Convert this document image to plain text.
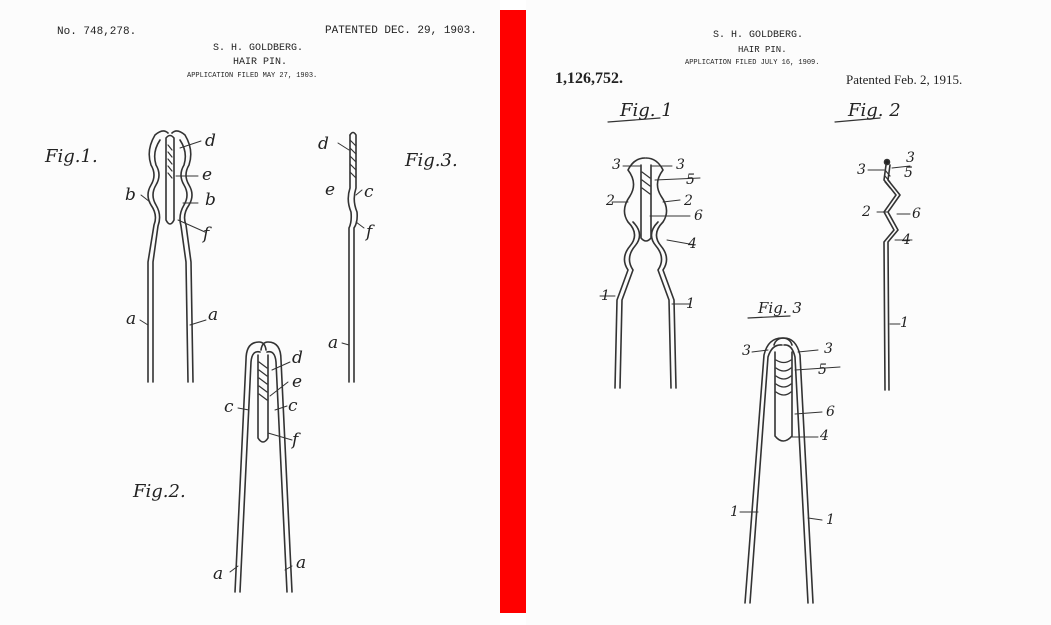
No. 748,278.	PATENTED DEC. 29, 1903.
S. H. GOLDBERG.
HAIR PIN.
APPLICATION FILED MAY 27, 1903.
S. H. GOLDBERG.
HAIR PIN.
APPLICATION FILED JULY 16, 1909.
1,126,752.	Patented Feb. 2, 1915.
Fig.1.	Fig.3.
Fig.2.
d
e
b
b
f
a	a
d
e c
f
a
d
e
c	c
f
a
a
Fig. 1	Fig. 2
Fig. 3
3	3
5
2	2
6
4
1	1
3
3	5
2	6
4
1
3	3
5
6
4
1	1
